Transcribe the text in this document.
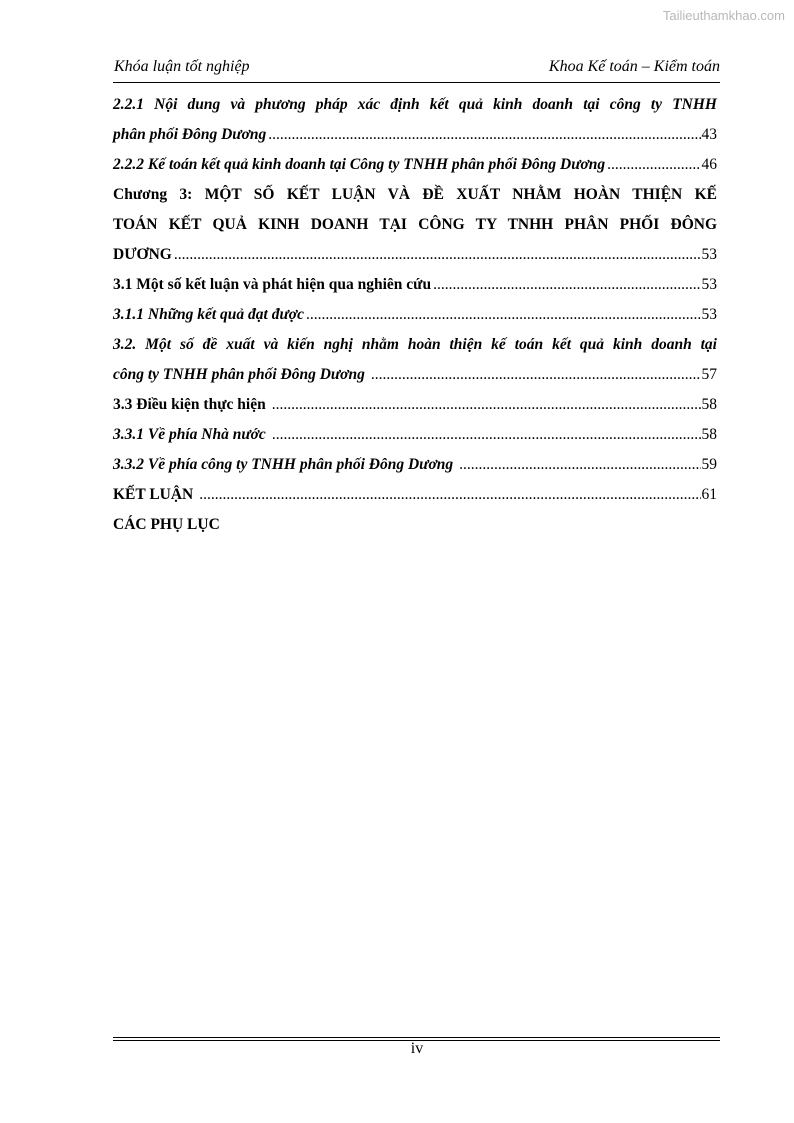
Tailieuthamkhao.com
Khóa luận tốt nghiệp	Khoa Kế toán – Kiểm toán
2.2.1 Nội dung và phương pháp xác định kết quả kinh doanh tại công ty TNHH
phân phối Đông Dương .....	43
2.2.2 Kế toán kết quả kinh doanh tại Công ty TNHH phân phối Đông Dương .....	46
Chương 3: MỘT SỐ KẾT LUẬN VÀ ĐỀ XUẤT NHẰM HOÀN THIỆN KẾ
TOÁN KẾT QUẢ KINH DOANH TẠI CÔNG TY TNHH PHÂN PHỐI ĐÔNG
DƯƠNG .....	53
3.1 Một số kết luận và phát hiện qua nghiên cứu .....	53
3.1.1 Những kết quả đạt được .....	53
3.2. Một số đề xuất và kiến nghị nhằm hoàn thiện kế toán kết quả kinh doanh tại
công ty TNHH phân phối Đông Dương .....	57
3.3 Điều kiện thực hiện .....	58
3.3.1 Về phía Nhà nước .....	58
3.3.2 Về phía công ty TNHH phân phối Đông Dương .....	59
KẾT LUẬN .....	61
CÁC PHỤ LỤC
iv
